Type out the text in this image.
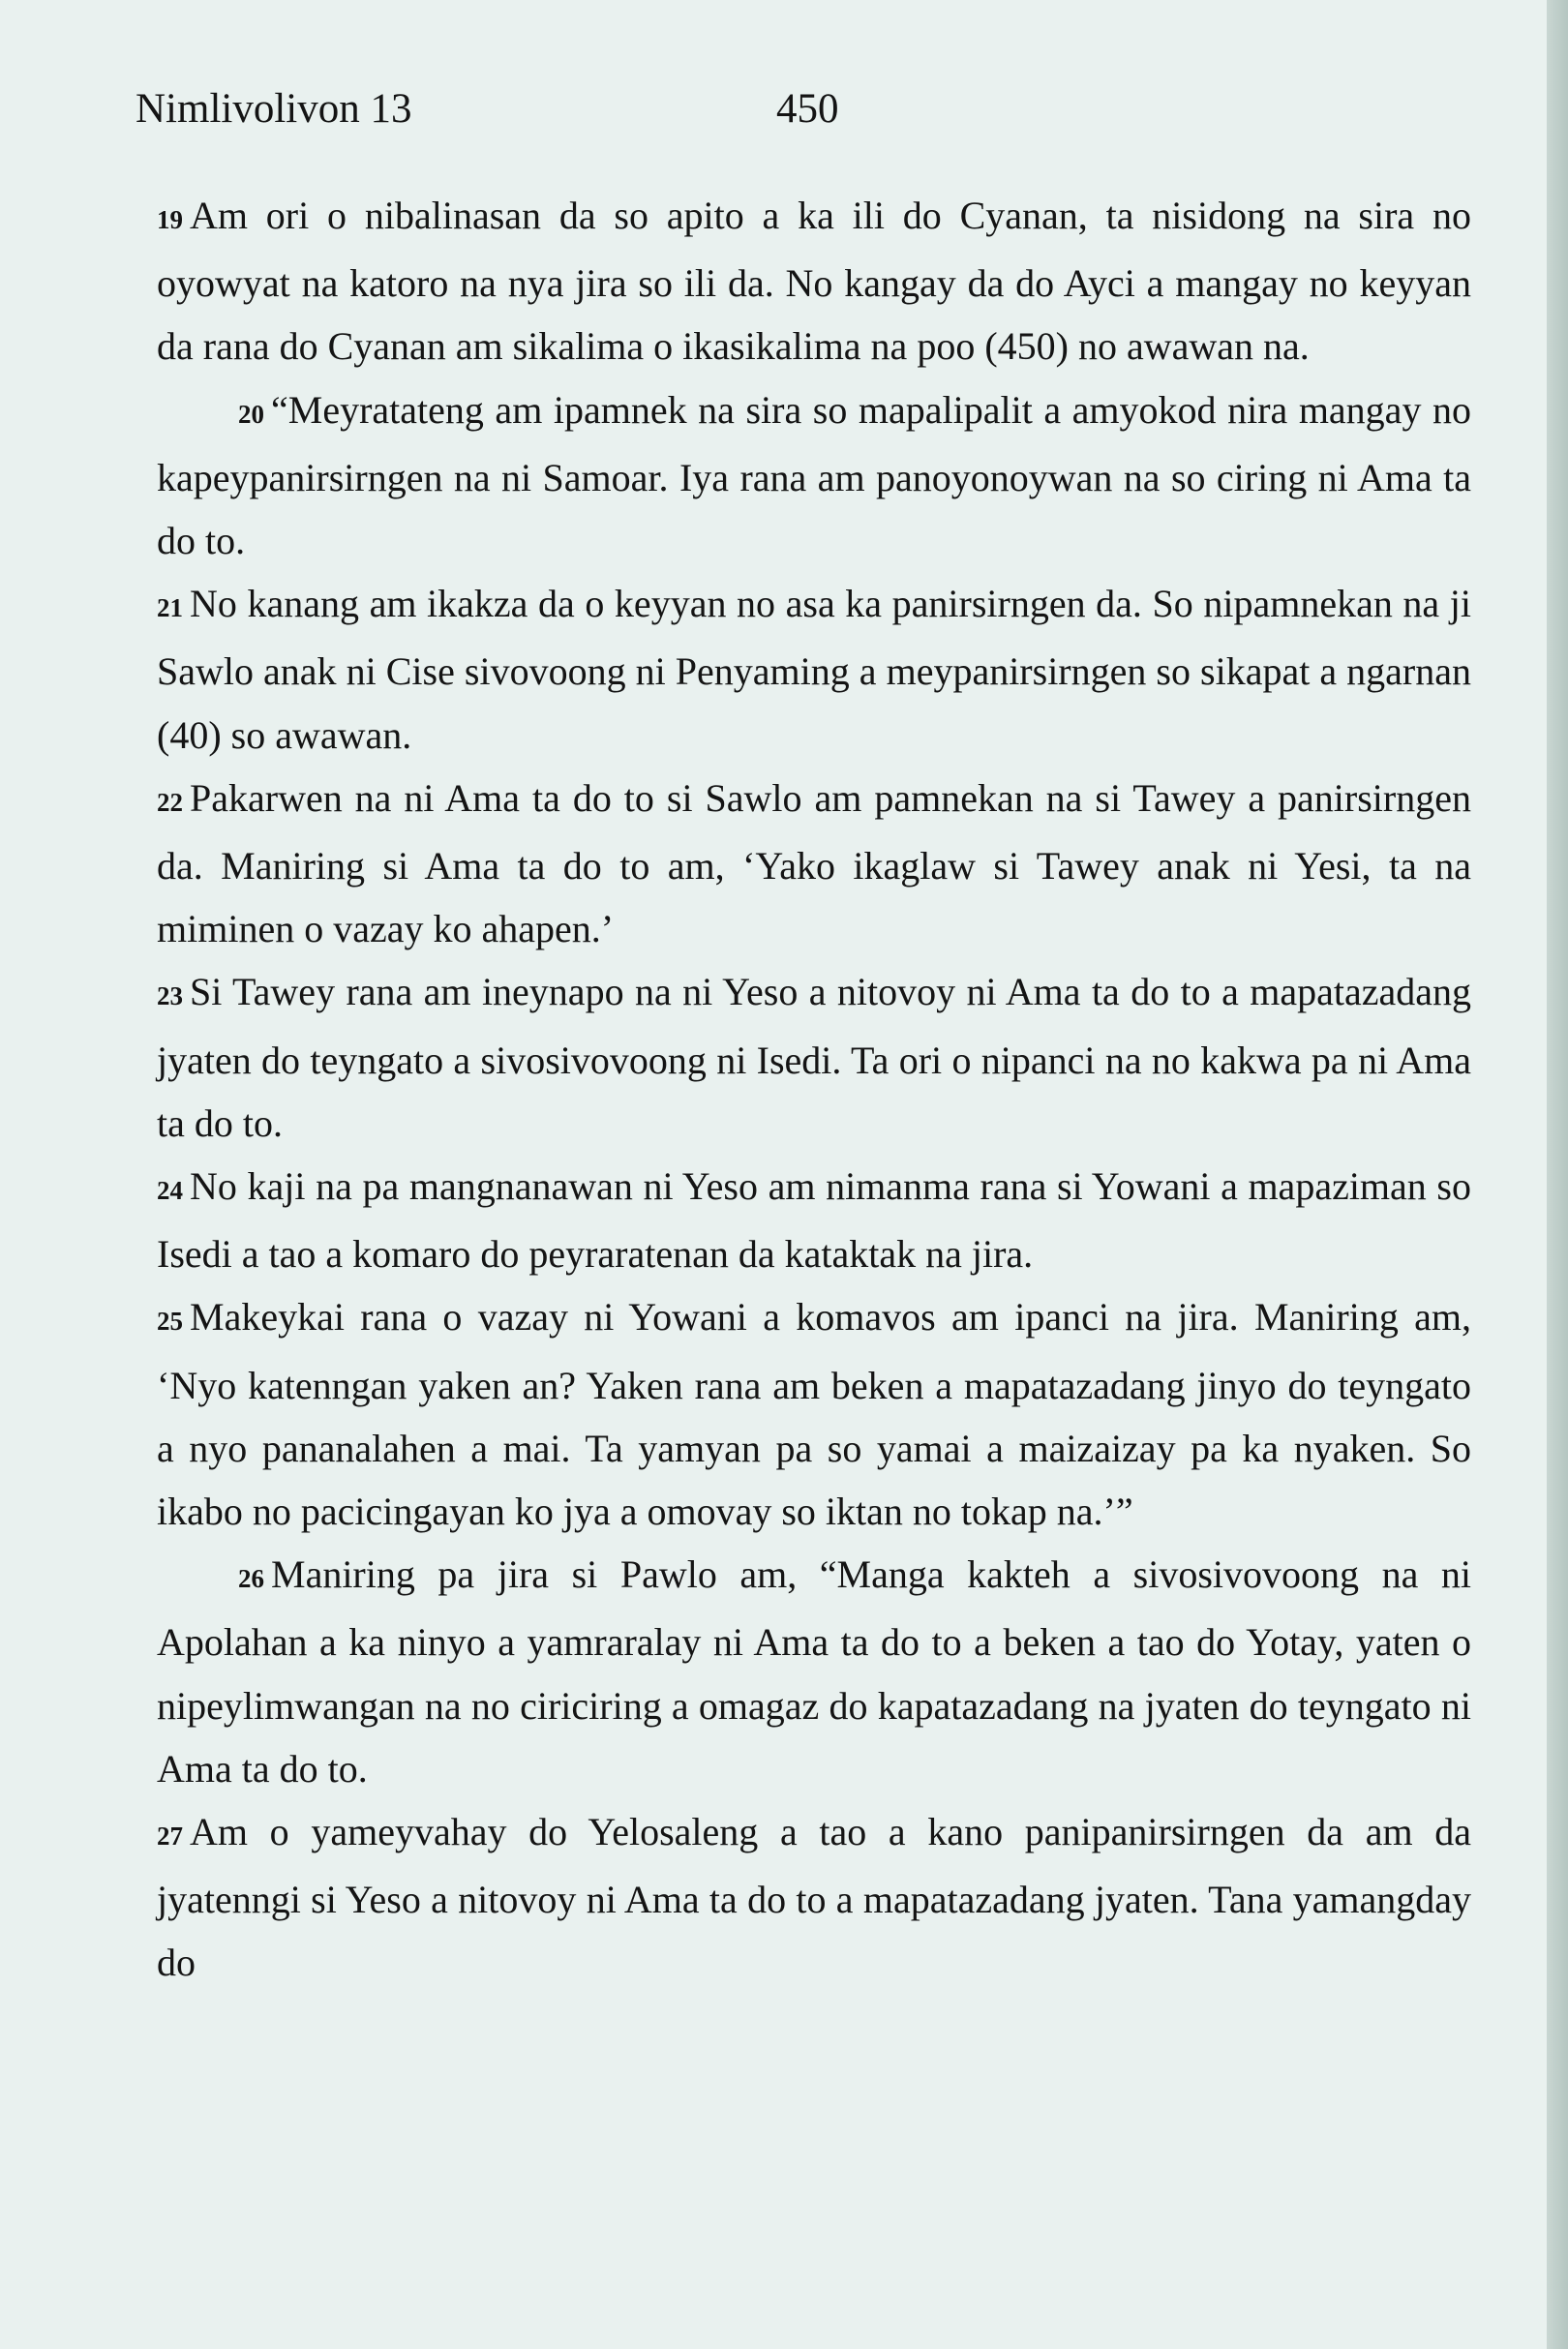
Nimlivolivon 13	450

19 Am ori o nibalinasan da so apito a ka ili do Cyanan, ta nisidong na sira no oyowyat na katoro na nya jira so ili da. No kangay da do Ayci a mangay no keyyan da rana do Cyanan am sikalima o ikasikalima na poo (450) no awawan na.

20 “Meyratateng am ipamnek na sira so mapalipalit a amyokod nira mangay no kapeypanirsirngen na ni Samoar. Iya rana am panoyonoywan na so ciring ni Ama ta do to.

21 No kanang am ikakza da o keyyan no asa ka panirsirngen da. So nipamnekan na ji Sawlo anak ni Cise sivovoong ni Penyaming a meypanirsirngen so sikapat a ngarnan (40) so awawan.

22 Pakarwen na ni Ama ta do to si Sawlo am pamnekan na si Tawey a panirsirngen da. Maniring si Ama ta do to am, ‘Yako ikaglaw si Tawey anak ni Yesi, ta na miminen o vazay ko ahapen.’

23 Si Tawey rana am ineynapo na ni Yeso a nitovoy ni Ama ta do to a mapatazadang jyaten do teyngato a sivosivovoong ni Isedi. Ta ori o nipanci na no kakwa pa ni Ama ta do to.

24 No kaji na pa mangnanawan ni Yeso am nimanma rana si Yowani a mapaziman so Isedi a tao a komaro do peyraratenan da kataktak na jira.

25 Makeykai rana o vazay ni Yowani a komavos am ipanci na jira. Maniring am, ‘Nyo katenngan yaken an? Yaken rana am beken a mapatazadang jinyo do teyngato a nyo pananalahen a mai. Ta yamyan pa so yamai a maizaizay pa ka nyaken. So ikabo no pacicingayan ko jya a omovay so iktan no tokap na.’”

26 Maniring pa jira si Pawlo am, “Manga kakteh a sivosivovoong na ni Apolahan a ka ninyo a yamraralay ni Ama ta do to a beken a tao do Yotay, yaten o nipeylimwangan na no ciriciring a omagaz do kapatazadang na jyaten do teyngato ni Ama ta do to.

27 Am o yameyvahay do Yelosaleng a tao a kano panipanirsirngen da am da jyatenngi si Yeso a nitovoy ni Ama ta do to a mapatazadang jyaten. Tana yamangday do
